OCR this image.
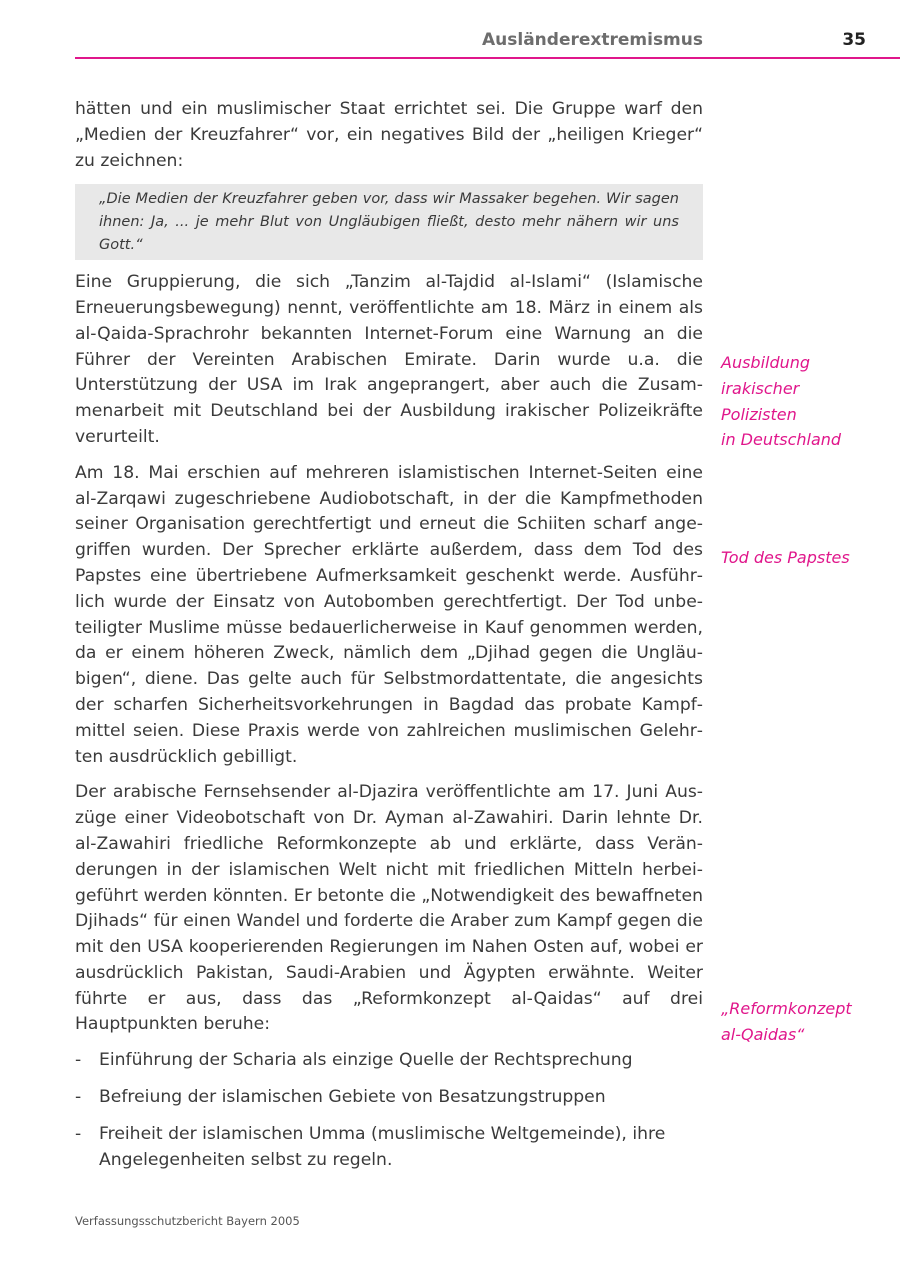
Ausländerextremismus	35

hätten und ein muslimischer Staat errichtet sei. Die Gruppe warf den „Medien der Kreuzfahrer“ vor, ein negatives Bild der „heiligen Krieger“ zu zeichnen:

„Die Medien der Kreuzfahrer geben vor, dass wir Massaker begehen. Wir sagen ihnen: Ja, ... je mehr Blut von Ungläubigen fließt, desto mehr nähern wir uns Gott.“

Eine Gruppierung, die sich „Tanzim al-Tajdid al-Islami“ (Islamische Erneuerungsbewegung) nennt, veröffentlichte am 18. März in einem als al-Qaida-Sprachrohr bekannten Internet-Forum eine Warnung an die Führer der Vereinten Arabischen Emirate. Darin wurde u.a. die Unterstützung der USA im Irak angeprangert, aber auch die Zusammenarbeit mit Deutschland bei der Ausbildung irakischer Polizeikräfte verurteilt.

Am 18. Mai erschien auf mehreren islamistischen Internet-Seiten eine al-Zarqawi zugeschriebene Audiobotschaft, in der die Kampfmethoden seiner Organisation gerechtfertigt und erneut die Schiiten scharf angegriffen wurden. Der Sprecher erklärte außerdem, dass dem Tod des Papstes eine übertriebene Aufmerksamkeit geschenkt werde. Ausführlich wurde der Einsatz von Autobomben gerechtfertigt. Der Tod unbeteiligter Muslime müsse bedauerlicherweise in Kauf genommen werden, da er einem höheren Zweck, nämlich dem „Djihad gegen die Ungläubigen“, diene. Das gelte auch für Selbstmordattentate, die angesichts der scharfen Sicherheitsvorkehrungen in Bagdad das probate Kampfmittel seien. Diese Praxis werde von zahlreichen muslimischen Gelehrten ausdrücklich gebilligt.

Der arabische Fernsehsender al-Djazira veröffentlichte am 17. Juni Auszüge einer Videobotschaft von Dr. Ayman al-Zawahiri. Darin lehnte Dr. al-Zawahiri friedliche Reformkonzepte ab und erklärte, dass Veränderungen in der islamischen Welt nicht mit friedlichen Mitteln herbeigeführt werden könnten. Er betonte die „Notwendigkeit des bewaffneten Djihads“ für einen Wandel und forderte die Araber zum Kampf gegen die mit den USA kooperierenden Regierungen im Nahen Osten auf, wobei er ausdrücklich Pakistan, Saudi-Arabien und Ägypten erwähnte. Weiter führte er aus, dass das „Reformkonzept al-Qaidas“ auf drei Hauptpunkten beruhe:

- Einführung der Scharia als einzige Quelle der Rechtsprechung
- Befreiung der islamischen Gebiete von Besatzungstruppen
- Freiheit der islamischen Umma (muslimische Weltgemeinde), ihre Angelegenheiten selbst zu regeln.
Ausbildung
irakischer
Polizisten
in Deutschland
Tod des Papstes
„Reformkonzept
al-Qaidas“
Verfassungsschutzbericht Bayern 2005
